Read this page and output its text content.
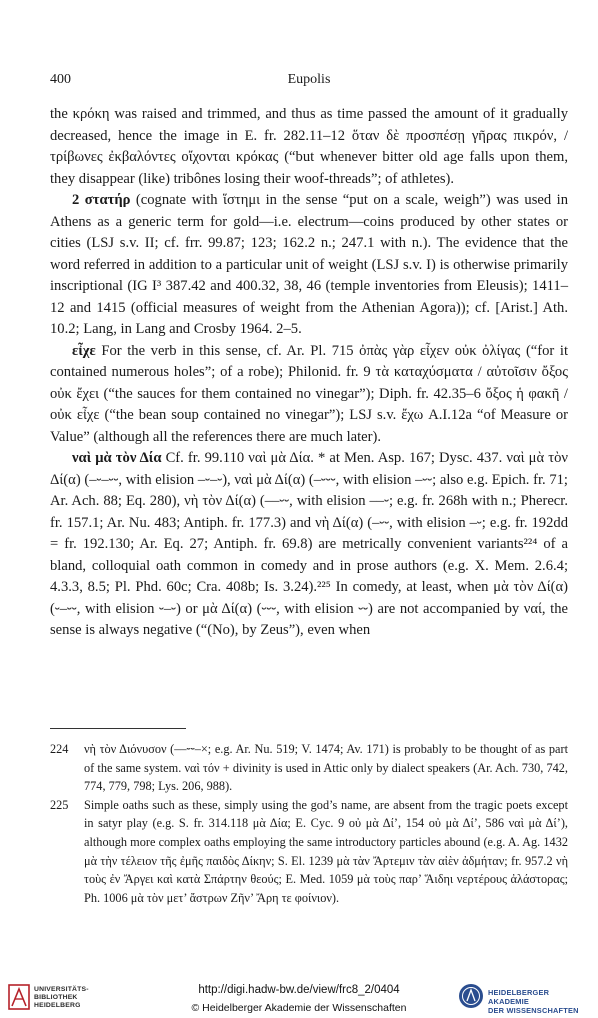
400	Eupolis

the κρόκη was raised and trimmed, and thus as time passed the amount of it gradually decreased, hence the image in E. fr. 282.11–12 ὅταν δὲ προσπέσῃ γῆρας πικρόν, / τρίβωνες ἐκβαλόντες οἴχονται κρόκας (“but whenever bitter old age falls upon them, they disappear (like) tribônes losing their woof-threads”; of athletes).

2 στατήρ (cognate with ἵστημι in the sense “put on a scale, weigh”) was used in Athens as a generic term for gold—i.e. electrum—coins produced by other states or cities (LSJ s.v. II; cf. frr. 99.87; 123; 162.2 n.; 247.1 with n.). The evidence that the word referred in addition to a particular unit of weight (LSJ s.v. I) is otherwise primarily inscriptional (IG I³ 387.42 and 400.32, 38, 46 (temple inventories from Eleusis); 1411–12 and 1415 (official measures of weight from the Athenian Agora)); cf. [Arist.] Ath. 10.2; Lang, in Lang and Crosby 1964. 2–5.

εἶχε For the verb in this sense, cf. Ar. Pl. 715 ὀπὰς γὰρ εἶχεν οὐκ ὀλίγας (“for it contained numerous holes”; of a robe); Philonid. fr. 9 τὰ καταχύσματα / αὐτοῖσιν ὄξος οὐκ ἔχει (“the sauces for them contained no vinegar”); Diph. fr. 42.35–6 ὄξος ἡ φακῆ / οὐκ εἶχε (“the bean soup contained no vinegar”); LSJ s.v. ἔχω A.I.12a “of Measure or Value” (although all the references there are much later).

ναὶ μὰ τὸν Δία Cf. fr. 99.110 ναὶ μὰ Δία. * at Men. Asp. 167; Dysc. 437. ναὶ μὰ τὸν Δί(α) (–⏑–⏑⏑, with elision –⏑–⏑), ναὶ μὰ Δί(α) (–⏑⏑⏑, with elision –⏑⏑; also e.g. Epich. fr. 71; Ar. Ach. 88; Eq. 280), νὴ τὸν Δί(α) (––⏑⏑, with elision ––⏑; e.g. fr. 268h with n.; Pherecr. fr. 157.1; Ar. Nu. 483; Antiph. fr. 177.3) and νὴ Δί(α) (–⏑⏑, with elision –⏑; e.g. fr. 192dd = fr. 192.130; Ar. Eq. 27; Antiph. fr. 69.8) are metrically convenient variants²²⁴ of a bland, colloquial oath common in comedy and in prose authors (e.g. X. Mem. 2.6.4; 4.3.3, 8.5; Pl. Phd. 60c; Cra. 408b; Is. 3.24).²²⁵ In comedy, at least, when μὰ τὸν Δί(α) (⏑–⏑⏑, with elision ⏑–⏑) or μὰ Δί(α) (⏑⏑⏑, with elision ⏑⏑) are not accompanied by ναί, the sense is always negative (“(No), by Zeus”), even when

224 νὴ τὸν Διόνυσον (––⏑⏑–×; e.g. Ar. Nu. 519; V. 1474; Av. 171) is probably to be thought of as part of the same system. ναὶ τόν + divinity is used in Attic only by dialect speakers (Ar. Ach. 730, 742, 774, 779, 798; Lys. 206, 988).

225 Simple oaths such as these, simply using the god’s name, are absent from the tragic poets except in satyr play (e.g. S. fr. 314.118 μὰ Δία; E. Cyc. 9 οὐ μὰ Δί’, 154 οὐ μὰ Δί’, 586 ναὶ μὰ Δί’), although more complex oaths employing the same introductory particles abound (e.g. A. Ag. 1432 μὰ τὴν τέλειον τῆς ἐμῆς παιδὸς Δίκην; S. El. 1239 μὰ τὰν Ἄρτεμιν τὰν αἰὲν ἀδμήταν; fr. 957.2 νὴ τοὺς ἐν Ἄργει καὶ κατὰ Σπάρτην θεούς; E. Med. 1059 μὰ τοὺς παρ’ Ἅιδηι νερτέρους ἀλάστορας; Ph. 1006 μὰ τὸν μετ’ ἄστρων Ζῆν’ Ἄρη τε φοίνιον).

UNIVERSITÄTS-
BIBLIOTHEK
HEIDELBERG
http://digi.hadw-bw.de/view/frc8_2/0404
© Heidelberger Akademie der Wissenschaften
HEIDELBERGER AKADEMIE
DER WISSENSCHAFTEN
